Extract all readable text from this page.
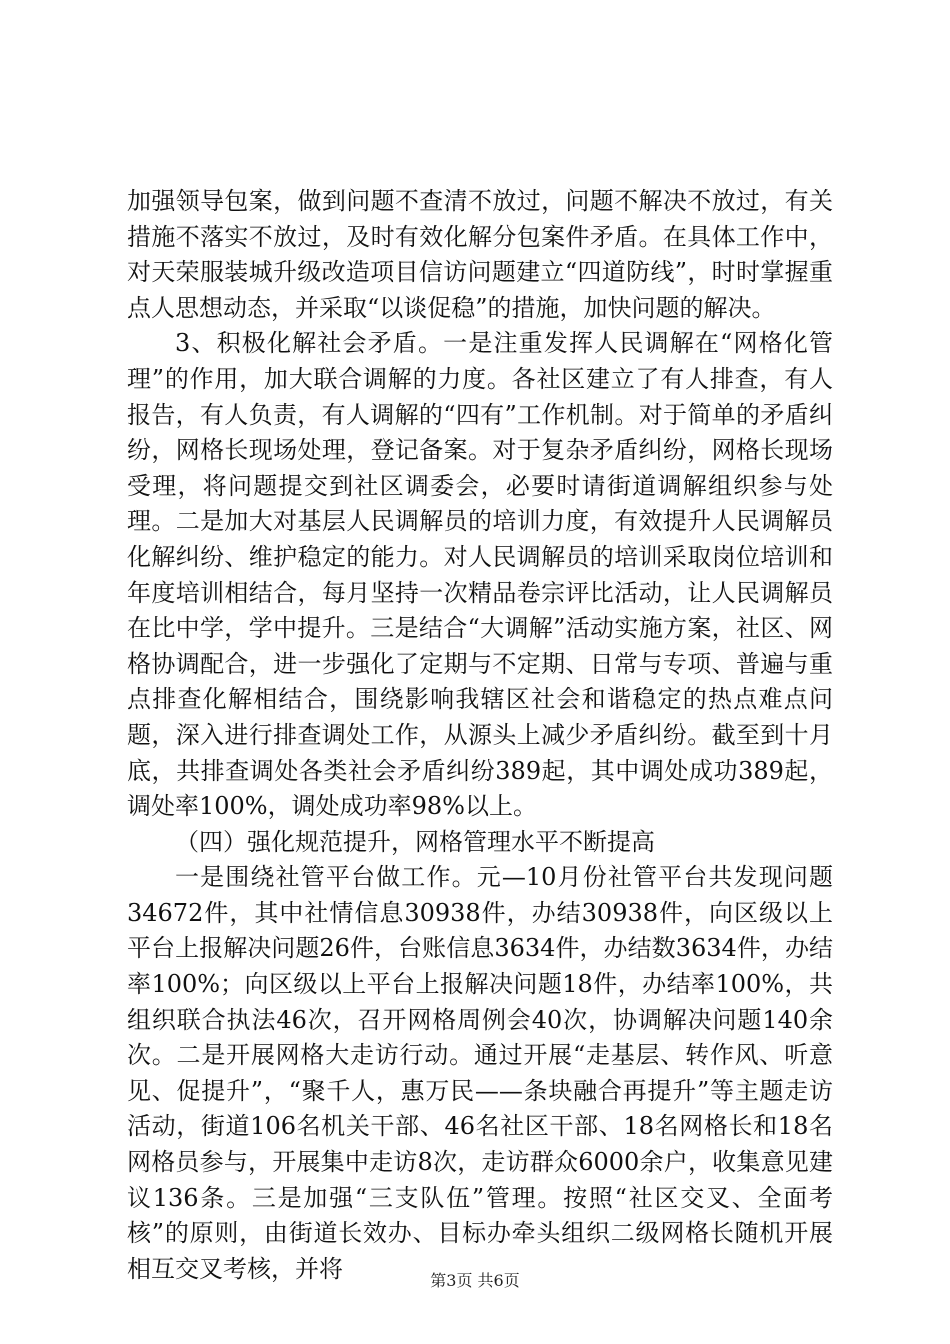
加强领导包案，做到问题不查清不放过，问题不解决不放过，有关措施不落实不放过，及时有效化解分包案件矛盾。在具体工作中，对天荣服装城升级改造项目信访问题建立“四道防线”，时时掌握重点人思想动态，并采取“以谈促稳”的措施，加快问题的解决。

3、积极化解社会矛盾。一是注重发挥人民调解在“网格化管理”的作用，加大联合调解的力度。各社区建立了有人排查，有人报告，有人负责，有人调解的“四有”工作机制。对于简单的矛盾纠纷，网格长现场处理，登记备案。对于复杂矛盾纠纷，网格长现场受理，将问题提交到社区调委会，必要时请街道调解组织参与处理。二是加大对基层人民调解员的培训力度，有效提升人民调解员化解纠纷、维护稳定的能力。对人民调解员的培训采取岗位培训和年度培训相结合，每月坚持一次精品卷宗评比活动，让人民调解员在比中学，学中提升。三是结合“大调解”活动实施方案，社区、网格协调配合，进一步强化了定期与不定期、日常与专项、普遍与重点排查化解相结合，围绕影响我辖区社会和谐稳定的热点难点问题，深入进行排查调处工作，从源头上减少矛盾纠纷。截至到十月底，共排查调处各类社会矛盾纠纷389起，其中调处成功389起，调处率100%，调处成功率98%以上。

（四）强化规范提升，网格管理水平不断提高

一是围绕社管平台做工作。元—10月份社管平台共发现问题34672件，其中社情信息30938件，办结30938件，向区级以上平台上报解决问题26件，台账信息3634件，办结数3634件，办结率100%；向区级以上平台上报解决问题18件，办结率100%，共组织联合执法46次，召开网格周例会40次，协调解决问题140余次。二是开展网格大走访行动。通过开展“走基层、转作风、听意见、促提升”，“聚千人，惠万民——条块融合再提升”等主题走访活动，街道106名机关干部、46名社区干部、18名网格长和18名网格员参与，开展集中走访8次，走访群众6000余户，收集意见建议136条。三是加强“三支队伍”管理。按照“社区交叉、全面考核”的原则，由街道长效办、目标办牵头组织二级网格长随机开展相互交叉考核，并将	第3页 共6页
